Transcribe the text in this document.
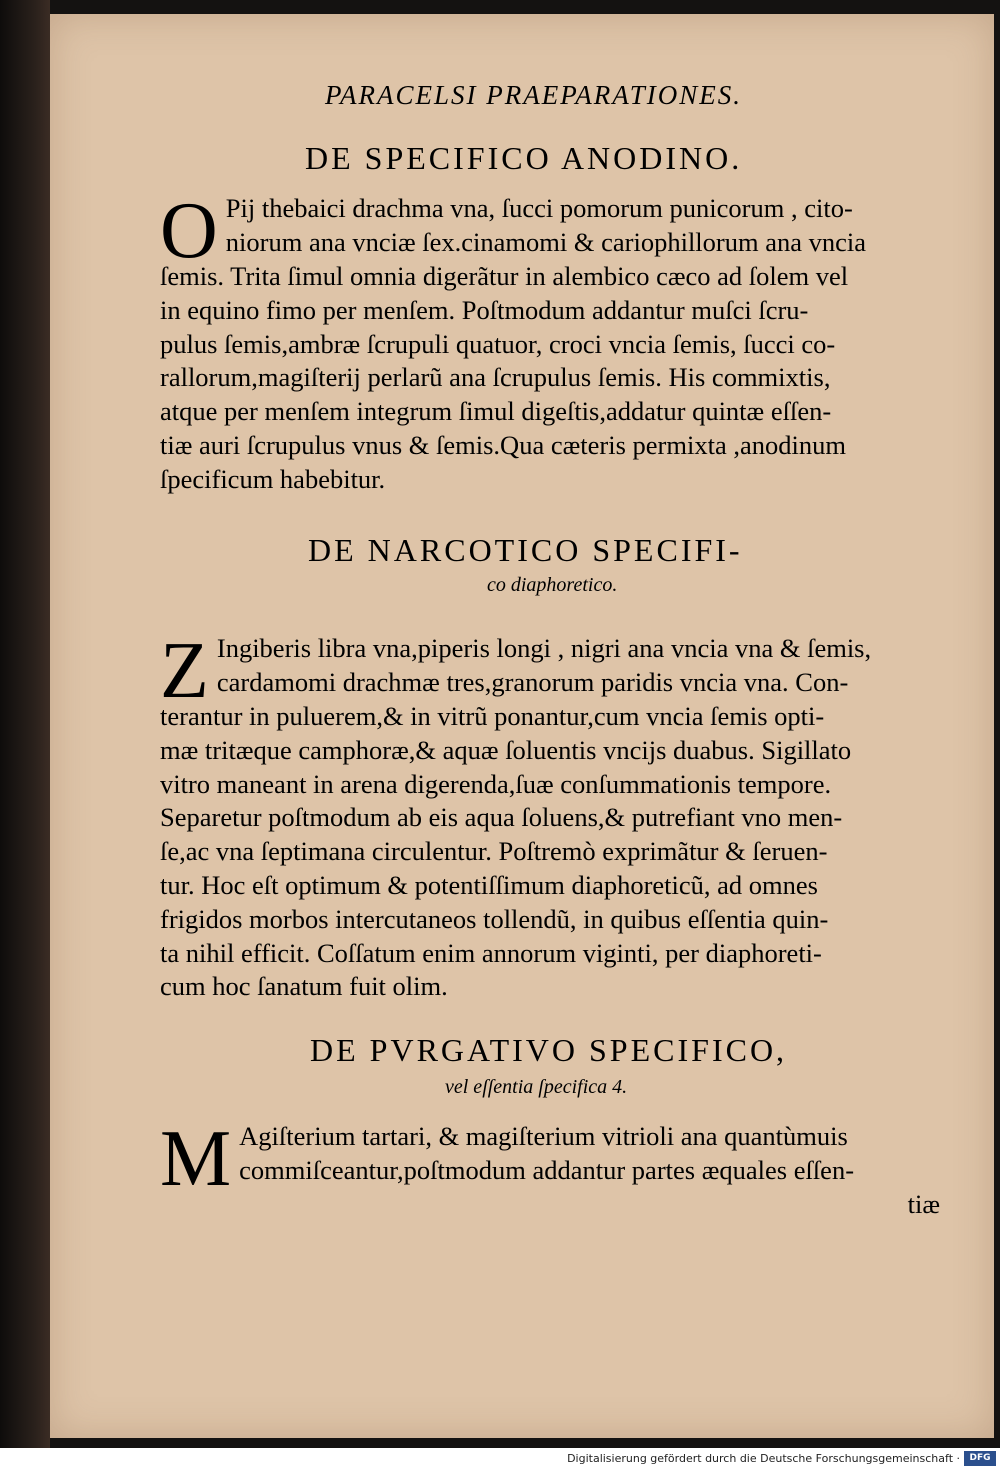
PARACELSI PRAEPARATIONES.
DE SPECIFICO ANODINO.
O Pij thebaici drachma vna, ſucci pomorum punicorum , cito-

niorum ana vnciæ ſex.cinamomi & cariophillorum ana vncia

ſemis. Trita ſimul omnia digerãtur in alembico cæco ad ſolem vel

in equino fimo per menſem. Poſtmodum addantur muſci ſcru-

pulus ſemis,ambræ ſcrupuli quatuor, croci vncia ſemis, ſucci co-

rallorum,magiſterij perlarũ ana ſcrupulus ſemis. His commixtis,

atque per menſem integrum ſimul digeſtis,addatur quintæ eſſen-

tiæ auri ſcrupulus vnus & ſemis.Qua cæteris permixta ,anodinum

ſpecificum habebitur.

DE NARCOTICO SPECIFI-
co diaphoretico.
Z Ingiberis libra vna,piperis longi , nigri ana vncia vna & ſemis,

cardamomi drachmæ tres,granorum paridis vncia vna. Con-

terantur in puluerem,& in vitrũ ponantur,cum vncia ſemis opti-

mæ tritæque camphoræ,& aquæ ſoluentis vncijs duabus. Sigillato

vitro maneant in arena digerenda,ſuæ conſummationis tempore.

Separetur poſtmodum ab eis aqua ſoluens,& putrefiant vno men-

ſe,ac vna ſeptimana circulentur. Poſtremò exprimãtur & ſeruen-

tur. Hoc eſt optimum & potentiſſimum diaphoreticũ, ad omnes

frigidos morbos intercutaneos tollendũ, in quibus eſſentia quin-

ta nihil efficit. Coſſatum enim annorum viginti, per diaphoreti-

cum hoc ſanatum fuit olim.

DE PVRGATIVO SPECIFICO,
vel eſſentia ſpecifica 4.
M Agiſterium tartari, & magiſterium vitrioli ana quantùmuis

commiſceantur,poſtmodum addantur partes æquales eſſen-

tiæ

Digitalisierung gefördert durch die Deutsche Forschungsgemeinschaft ·	DFG
